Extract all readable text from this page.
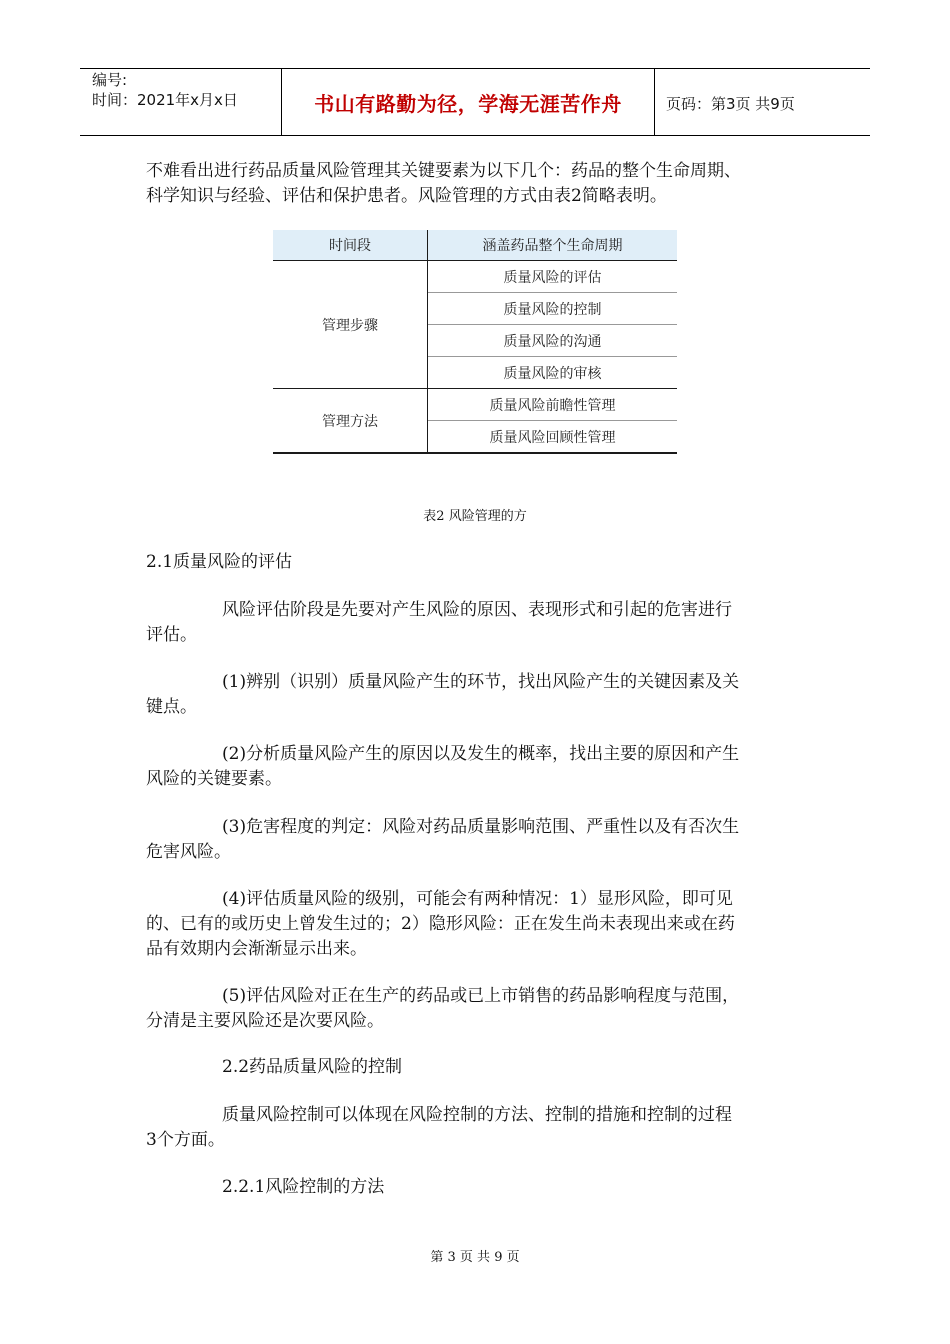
编号:
时间：2021年x月x日	书山有路勤为径，学海无涯苦作舟	页码：第3页 共9页
不难看出进行药品质量风险管理其关键要素为以下几个：药品的整个生命周期、
科学知识与经验、评估和保护患者。风险管理的方式由表2简略表明。
时间段	涵盖药品整个生命周期
管理步骤	质量风险的评估
	质量风险的控制
	质量风险的沟通
	质量风险的审核
管理方法	质量风险前瞻性管理
	质量风险回顾性管理
表2 风险管理的方
2.1质量风险的评估
风险评估阶段是先要对产生风险的原因、表现形式和引起的危害进行
评估。
(1)辨别（识别）质量风险产生的环节，找出风险产生的关键因素及关
键点。
(2)分析质量风险产生的原因以及发生的概率，找出主要的原因和产生
风险的关键要素。
(3)危害程度的判定：风险对药品质量影响范围、严重性以及有否次生
危害风险。
(4)评估质量风险的级别，可能会有两种情况：1）显形风险，即可见
的、已有的或历史上曾发生过的；2）隐形风险：正在发生尚未表现出来或在药
品有效期内会渐渐显示出来。
(5)评估风险对正在生产的药品或已上市销售的药品影响程度与范围，
分清是主要风险还是次要风险。
2.2药品质量风险的控制
质量风险控制可以体现在风险控制的方法、控制的措施和控制的过程
3个方面。
2.2.1风险控制的方法
第 3 页 共 9 页
